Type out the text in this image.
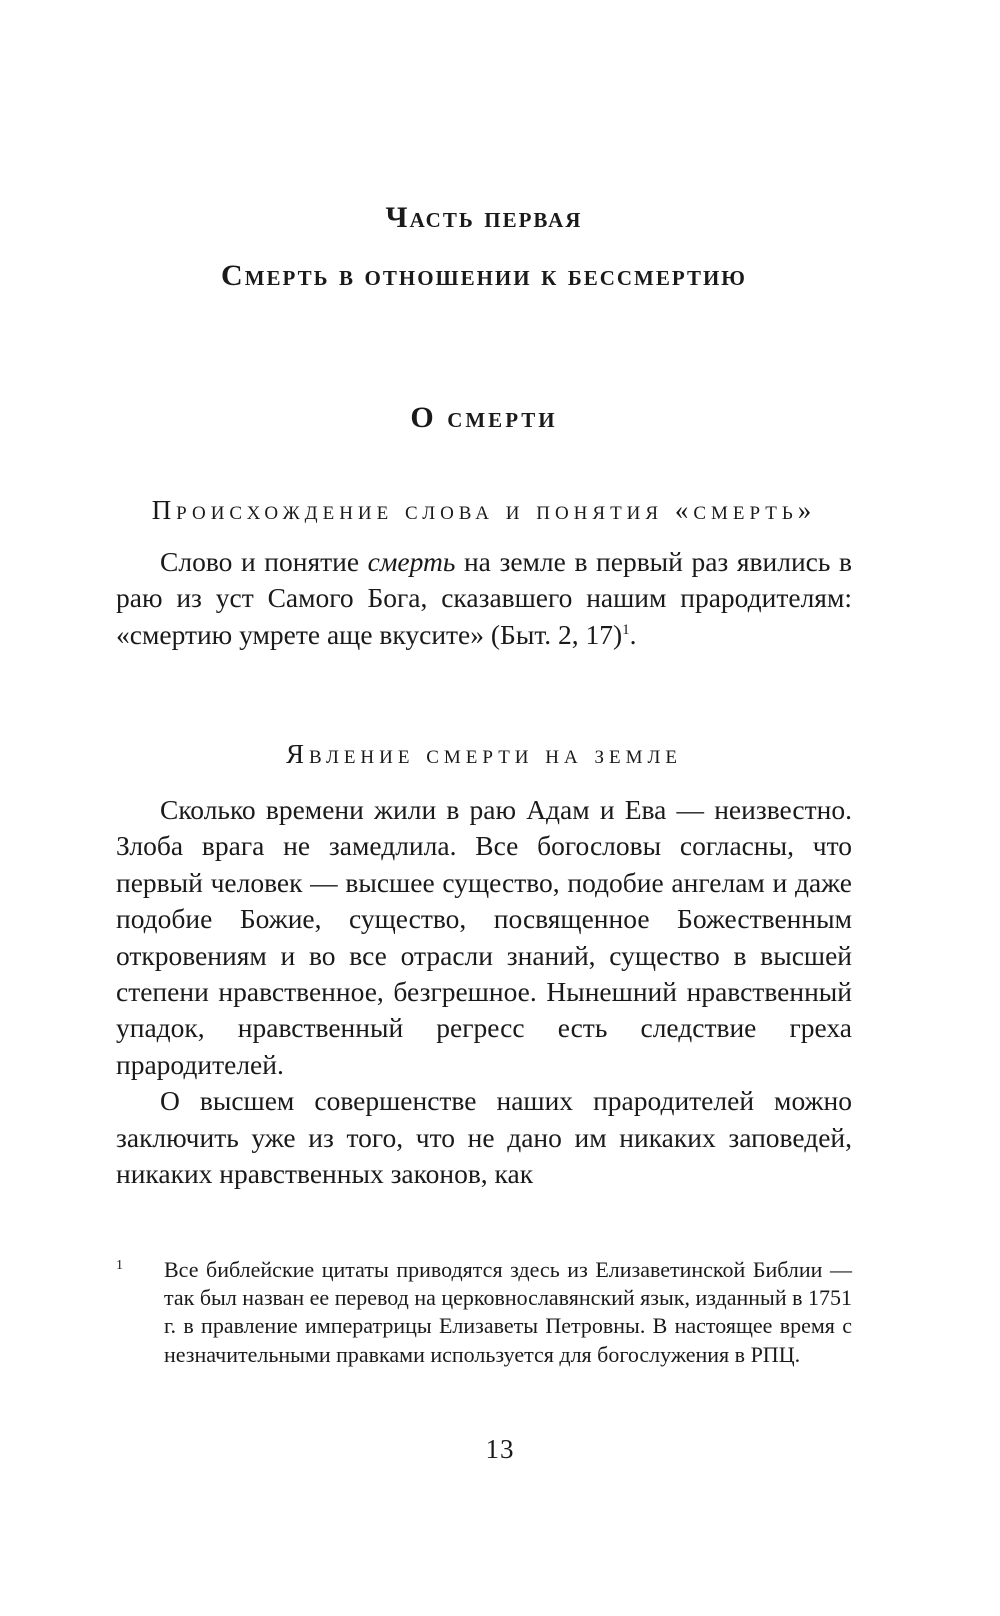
Часть первая
Смерть в отношении к бессмертию
О смерти
Происхождение слова и понятия «смерть»

Слово и понятие смерть на земле в первый раз явились в раю из уст Самого Бога, сказавшего нашим прародителям: «смертию умрете аще вкусите» (Быт. 2, 17)$^1$.

Явление смерти на земле

Сколько времени жили в раю Адам и Ева — неизвестно. Злоба врага не замедлила. Все богословы согласны, что первый человек — высшее существо, подобие ангелам и даже подобие Божие, существо, посвященное Божественным откровениям и во все отрасли знаний, существо в высшей степени нравственное, безгрешное. Нынешний нравственный упадок, нравственный регресс есть следствие греха прародителей.

О высшем совершенстве наших прародителей можно заключить уже из того, что не дано им никаких заповедей, никаких нравственных законов, как

1 Все библейские цитаты приводятся здесь из Елизаветинской Библии — так был назван ее перевод на церковнославянский язык, изданный в 1751 г. в правление императрицы Елизаветы Петровны. В настоящее время с незначительными правками используется для богослужения в РПЦ.
13
